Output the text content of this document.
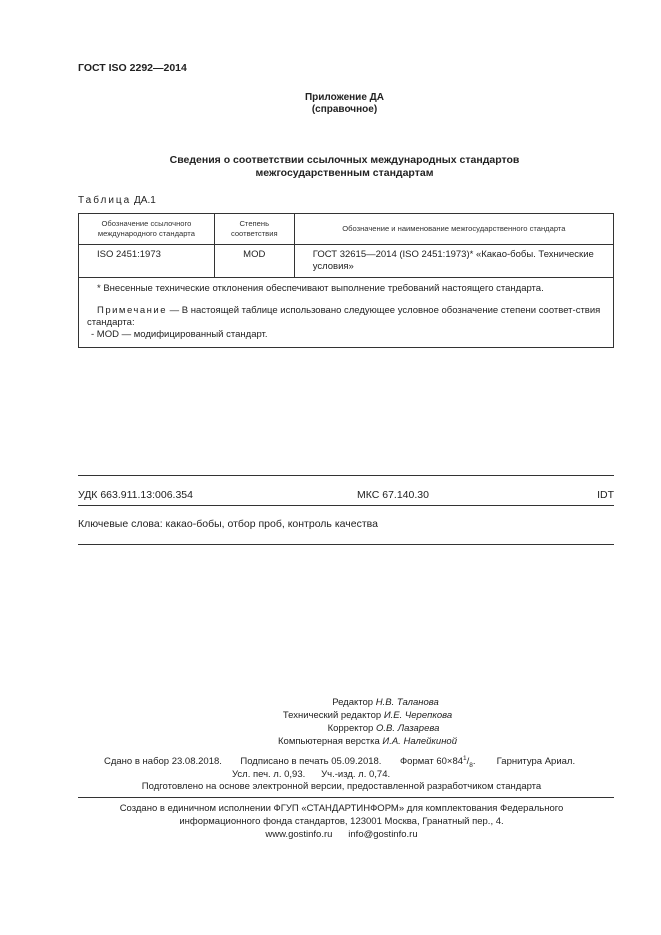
ГОСТ ISO 2292—2014
Приложение ДА
(справочное)
Сведения о соответствии ссылочных международных стандартов
межгосударственным стандартам
Таблица ДА.1
Обозначение ссылочного международного стандарта	Степень соответствия	Обозначение и наименование межгосударственного стандарта
ISO 2451:1973	MOD	ГОСТ 32615—2014 (ISO 2451:1973)* «Какао-бобы. Технические условия»

* Внесенные технические отклонения обеспечивают выполнение требований настоящего стандарта.

Примечание — В настоящей таблице использовано следующее условное обозначение степени соответ-ствия стандарта:

- MOD — модифицированный стандарт.		

УДК 663.911.13:006.354	МКС 67.140.30	IDT
Ключевые слова: какао-бобы, отбор проб, контроль качества
Редактор Н.В. Таланова
Технический редактор И.Е. Черепкова
Корректор О.В. Лазарева
Компьютерная верстка И.А. Налейкиной
Сдано в набор 23.08.2018. Подписано в печать 05.09.2018. Формат $60\times 84^1/_8$. Гарнитура Ариал.
Усл. печ. л. 0,93. Уч.-изд. л. 0,74.
Подготовлено на основе электронной версии, предоставленной разработчиком стандарта
Создано в единичном исполнении ФГУП «СТАНДАРТИНФОРМ» для комплектования Федерального
информационного фонда стандартов, 123001 Москва, Гранатный пер., 4.
www.gostinfo.ru info@gostinfo.ru
